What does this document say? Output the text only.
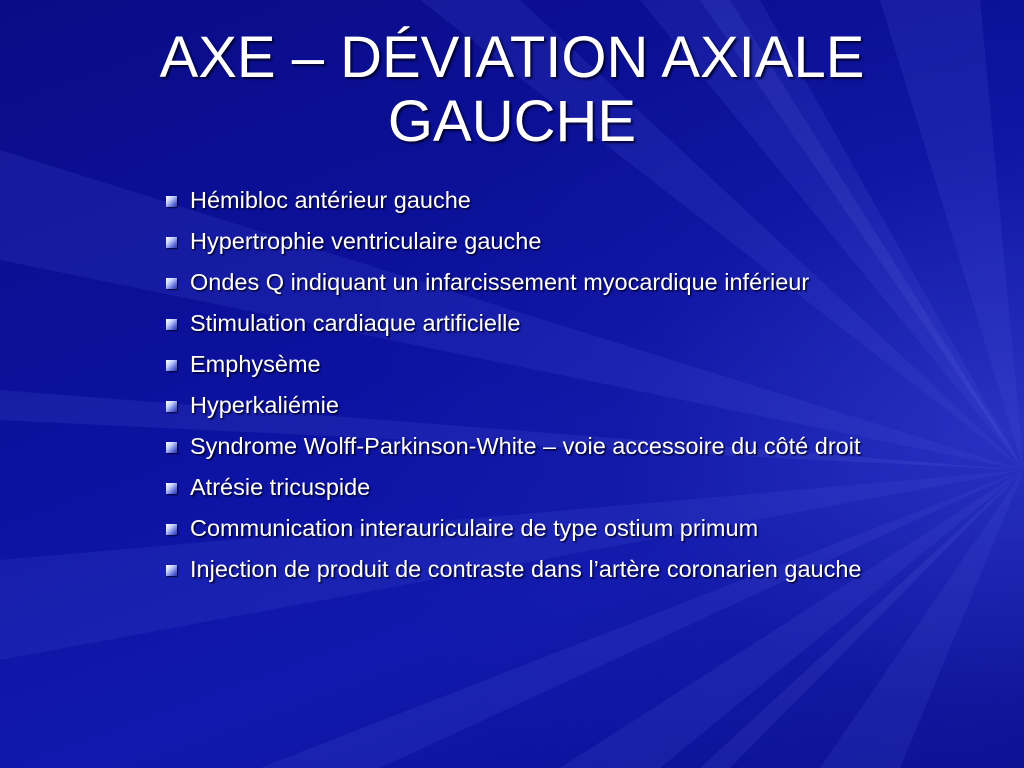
AXE – DÉVIATION AXIALE
GAUCHE
Hémibloc antérieur gauche
Hypertrophie ventriculaire gauche
Ondes Q indiquant un infarcissement myocardique inférieur
Stimulation cardiaque artificielle
Emphysème
Hyperkaliémie
Syndrome Wolff-Parkinson-White – voie accessoire du côté droit
Atrésie tricuspide
Communication interauriculaire de type ostium primum
Injection de produit de contraste dans l’artère coronarien gauche
